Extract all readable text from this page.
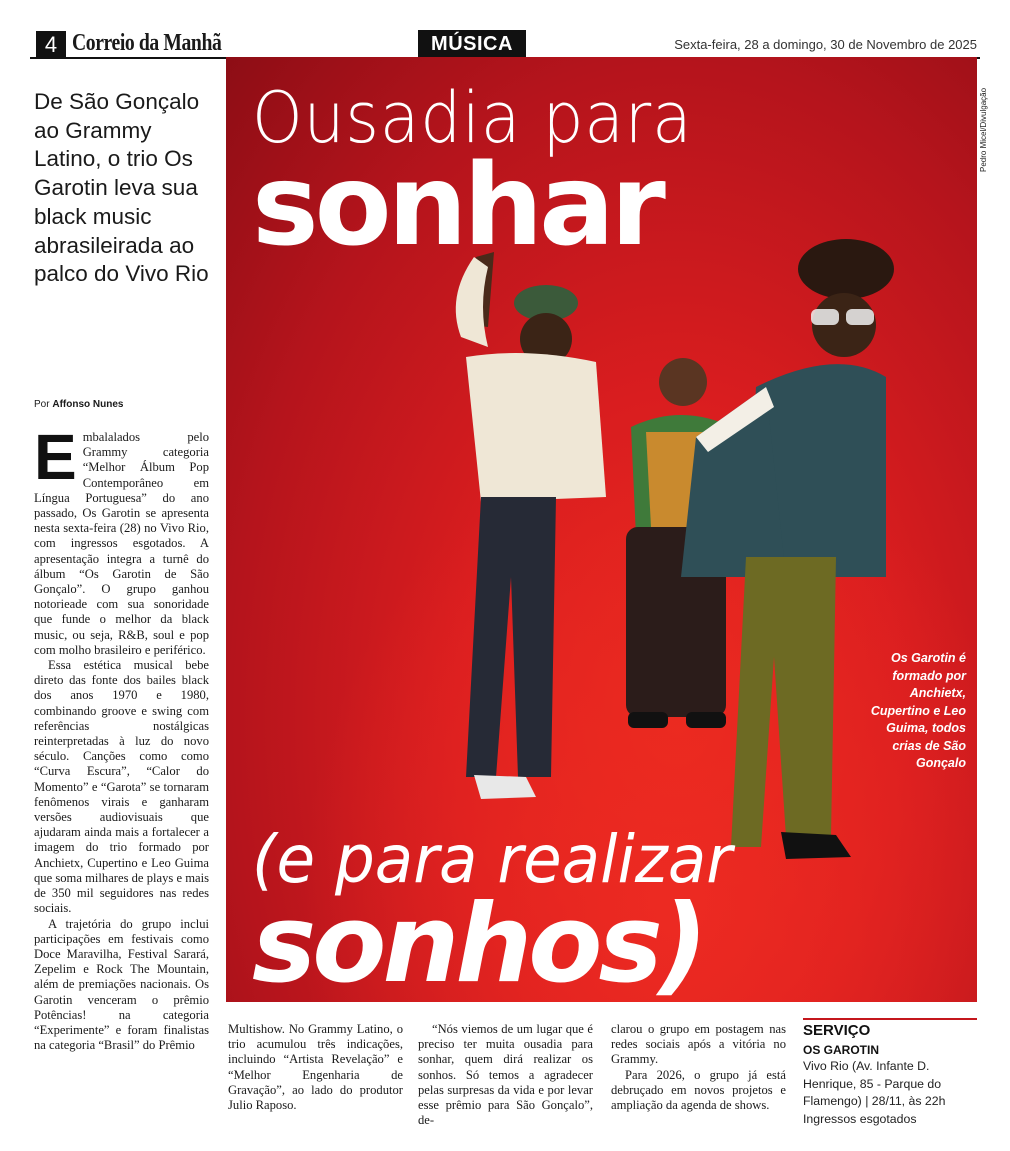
4 Correio da Manhã	MÚSICA	Sexta-feira, 28 a domingo, 30 de Novembro de 2025
De São Gonçalo ao Grammy Latino, o trio Os Garotin leva sua black music abrasileirada ao palco do Vivo Rio
Por Affonso Nunes

Embalalados pelo Grammy categoria “Melhor Álbum Pop Contemporâneo em Língua Portuguesa” do ano passado, Os Garotin se apresenta nesta sexta-feira (28) no Vivo Rio, com ingressos esgotados. A apresentação integra a turnê do álbum “Os Garotin de São Gonçalo”. O grupo ganhou notorieade com sua sonoridade que funde o melhor da black music, ou seja, R&B, soul e pop com molho brasileiro e periférico.

Essa estética musical bebe direto das fonte dos bailes black dos anos 1970 e 1980, combinando groove e swing com referências nostálgicas reinterpretadas à luz do novo século. Canções como como “Curva Escura”, “Calor do Momento” e “Garota” se tornaram fenômenos virais e ganharam versões audiovisuais que ajudaram ainda mais a fortalecer a imagem do trio formado por Anchietx, Cupertino e Leo Guima que soma milhares de plays e mais de 350 mil seguidores nas redes sociais.

A trajetória do grupo inclui participações em festivais como Doce Maravilha, Festival Sarará, Zepelim e Rock The Mountain, além de premiações nacionais. Os Garotin venceram o prêmio Potências! na categoria “Experimente” e foram finalistas na categoria “Brasil” do Prêmio

Pedro Micel/Divulgação
Ousadia para
sonhar
(e para realizar
sonhos)
Os Garotin é formado por Anchietx, Cupertino e Leo Guima, todos crias de São Gonçalo

Multishow. No Grammy Latino, o trio acumulou três indicações, incluindo “Artista Revelação” e “Melhor Engenharia de Gravação”, ao lado do produtor Julio Raposo.

“Nós viemos de um lugar que é preciso ter muita ousadia para sonhar, quem dirá realizar os sonhos. Só temos a agradecer pelas surpresas da vida e por levar esse prêmio para São Gonçalo”, de-

clarou o grupo em postagem nas redes sociais após a vitória no Grammy.

Para 2026, o grupo já está debruçado em novos projetos e ampliação da agenda de shows.

SERVIÇO
OS GAROTIN
Vivo Rio (Av. Infante D. Henrique, 85 - Parque do Flamengo) | 28/11, às 22h
Ingressos esgotados
